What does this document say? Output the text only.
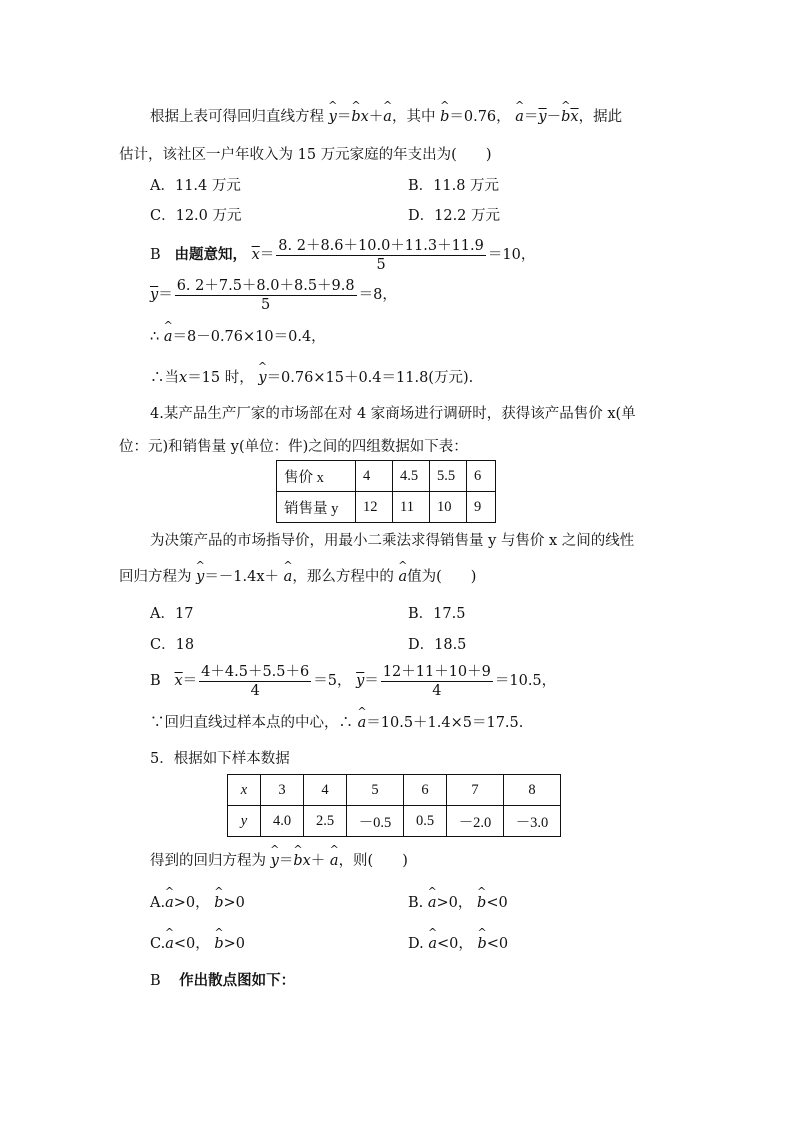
根据上表可得回归直线方程 ^ y＝^ bx＋^ a，其中 ^ b＝0.76， ^ $a=\overline{y}-\^{}$ $b\overline{x}$，据此
估计，该社区一户年收入为 15 万元家庭的年支出为(　　)
A．11.4 万元	B．11.8 万元
C．12.0 万元	D．12.2 万元
B 由题意知， $\overline{x}= \frac{8. 2+8.6+10.0+11.3+11.9}{5} =10$，
$\overline{y}= \frac{6. 2+7.5+8.0+8.5+9.8}{5} =8$，
∴ ^ a＝8－0.76×10＝0.4，
∴当x＝15 时， ^ y＝0.76×15＋0.4＝11.8(万元).
4.某产品生产厂家的市场部在对 4 家商场进行调研时，获得该产品售价 x(单
位：元)和销售量 y(单位：件)之间的四组数据如下表：
售价 x	4	4.5	5.5	6
销售量 y	12	11	10	9
为决策产品的市场指导价，用最小二乘法求得销售量 y 与售价 x 之间的线性
回归方程为 ^ y＝－1.4x＋ ^ a，那么方程中的 ^ a值为(　　)
A．17	B．17.5
C．18	D．18.5
B $\overline{x}= \frac{4+4.5+5.5+6}{4} =5$， $\overline{y}= \frac{12+11+10+9}{4} =10.5$，
∵回归直线过样本点的中心，∴ ^ a＝10.5＋1.4×5＝17.5.
5．根据如下样本数据
x	3	4	5	6	7	8
y	4.0	2.5	－0.5	0.5	－2.0	－3.0
得到的回归方程为 ^ y＝^ bx＋ ^ a，则(　　)
A.^ a>0， ^ b>0	B. ^ a>0， ^ b<0
C.^ a<0， ^ b>0	D. ^ a<0， ^ b<0
B 作出散点图如下：
